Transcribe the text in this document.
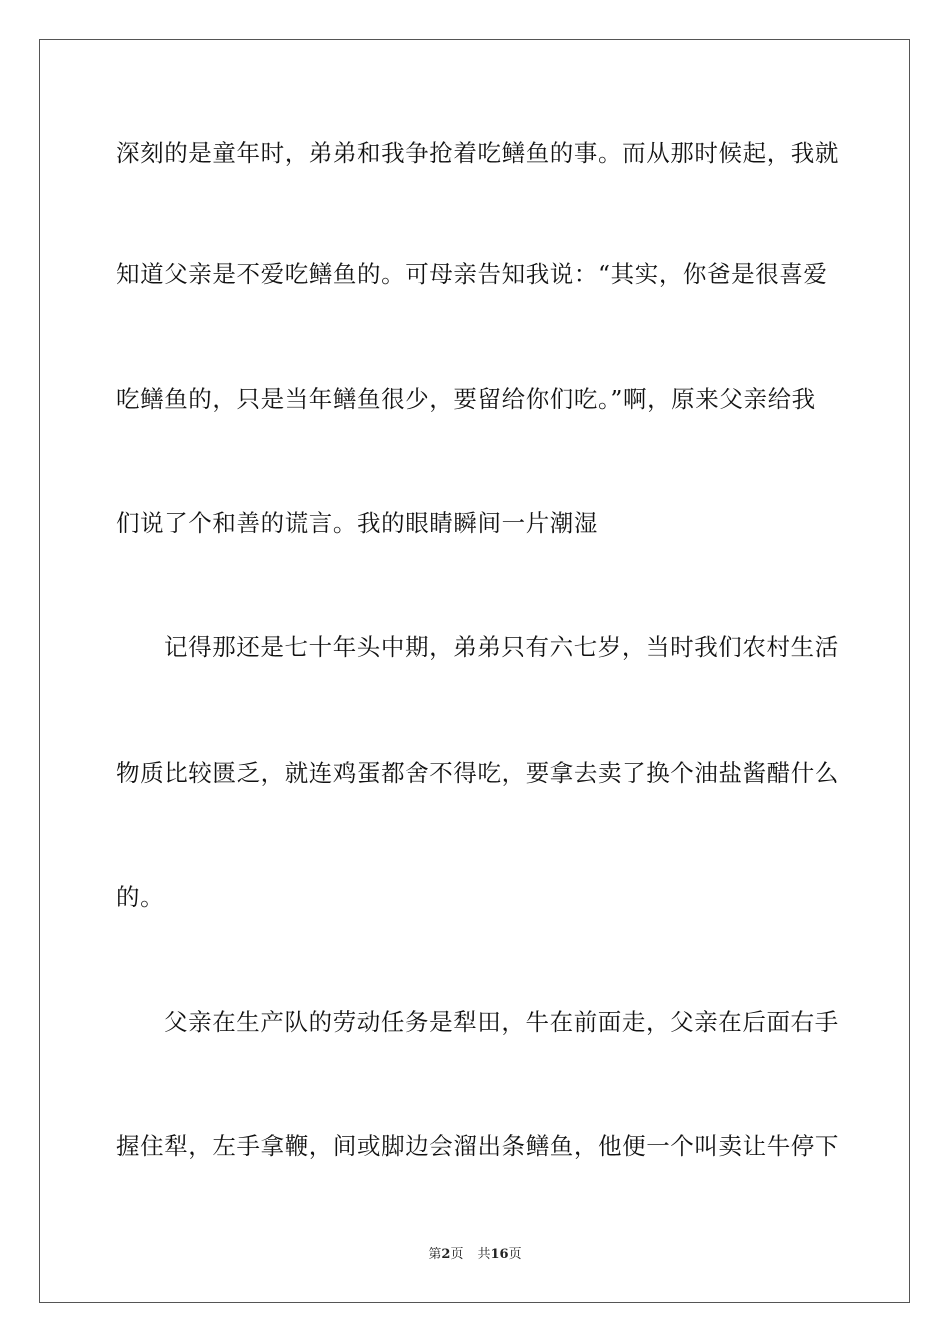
深刻的是童年时，弟弟和我争抢着吃鳝鱼的事。而从那时候起，我就
知道父亲是不爱吃鳝鱼的。可母亲告知我说：“其实，你爸是很喜爱
吃鳝鱼的，只是当年鳝鱼很少，要留给你们吃。”啊，原来父亲给我
们说了个和善的谎言。我的眼睛瞬间一片潮湿
记得那还是七十年头中期，弟弟只有六七岁，当时我们农村生活
物质比较匮乏，就连鸡蛋都舍不得吃，要拿去卖了换个油盐酱醋什么
的。
父亲在生产队的劳动任务是犁田，牛在前面走，父亲在后面右手
握住犁，左手拿鞭，间或脚边会溜出条鳝鱼，他便一个叫卖让牛停下
第2页 共16页
